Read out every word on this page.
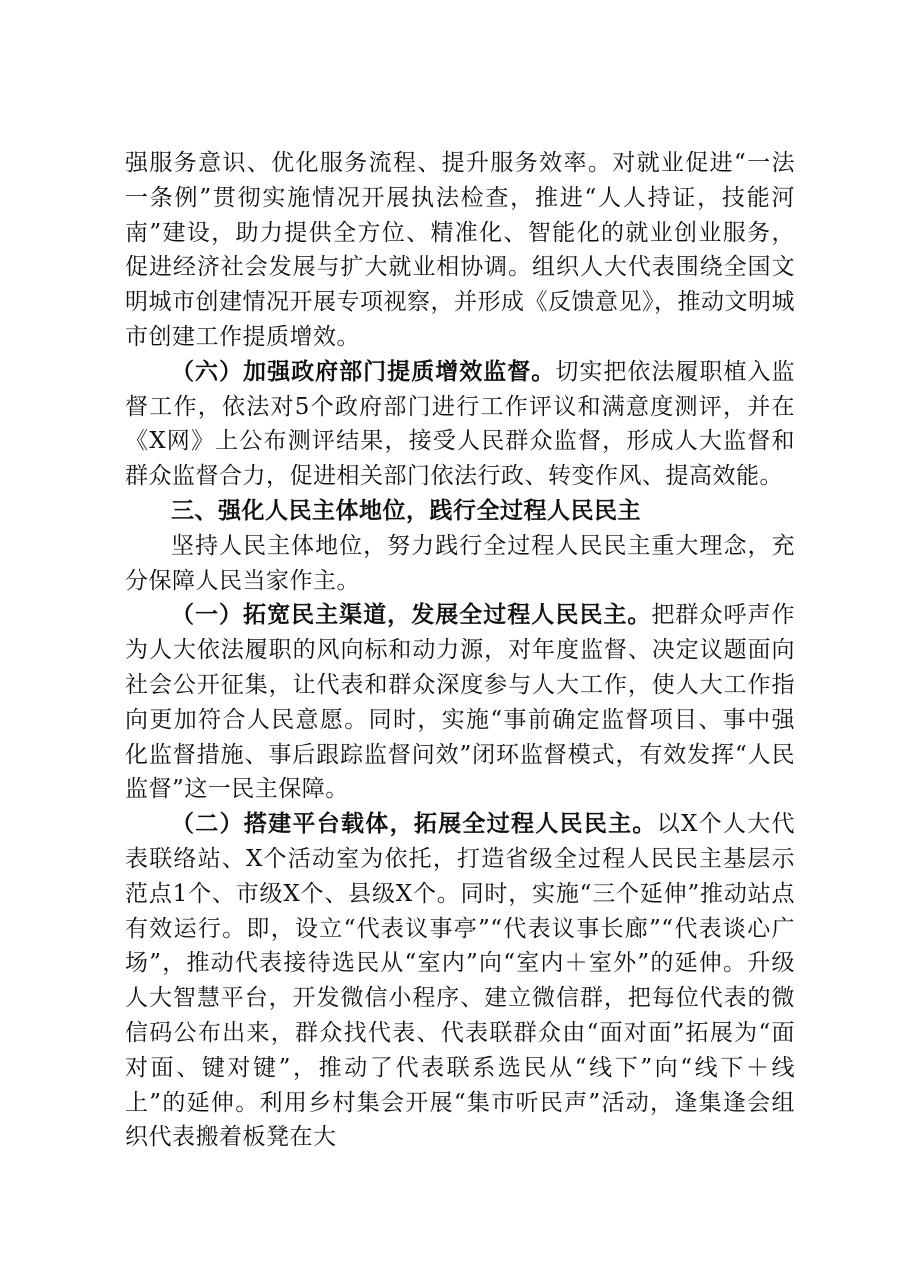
强服务意识、优化服务流程、提升服务效率。对就业促进“一法一条例”贯彻实施情况开展执法检查，推进“人人持证，技能河南”建设，助力提供全方位、精准化、智能化的就业创业服务，促进经济社会发展与扩大就业相协调。组织人大代表围绕全国文明城市创建情况开展专项视察，并形成《反馈意见》，推动文明城市创建工作提质增效。

（六）加强政府部门提质增效监督。切实把依法履职植入监督工作，依法对5个政府部门进行工作评议和满意度测评，并在《X网》上公布测评结果，接受人民群众监督，形成人大监督和群众监督合力，促进相关部门依法行政、转变作风、提高效能。

三、强化人民主体地位，践行全过程人民民主

坚持人民主体地位，努力践行全过程人民民主重大理念，充分保障人民当家作主。

（一）拓宽民主渠道，发展全过程人民民主。把群众呼声作为人大依法履职的风向标和动力源，对年度监督、决定议题面向社会公开征集，让代表和群众深度参与人大工作，使人大工作指向更加符合人民意愿。同时，实施“事前确定监督项目、事中强化监督措施、事后跟踪监督问效”闭环监督模式，有效发挥“人民监督”这一民主保障。

（二）搭建平台载体，拓展全过程人民民主。以X个人大代表联络站、X个活动室为依托，打造省级全过程人民民主基层示范点1个、市级X个、县级X个。同时，实施“三个延伸”推动站点有效运行。即，设立“代表议事亭”“代表议事长廊”“代表谈心广场”，推动代表接待选民从“室内”向“室内＋室外”的延伸。升级人大智慧平台，开发微信小程序、建立微信群，把每位代表的微信码公布出来，群众找代表、代表联群众由“面对面”拓展为“面对面、键对键”，推动了代表联系选民从“线下”向“线下＋线上”的延伸。利用乡村集会开展“集市听民声”活动，逢集逢会组织代表搬着板凳在大
